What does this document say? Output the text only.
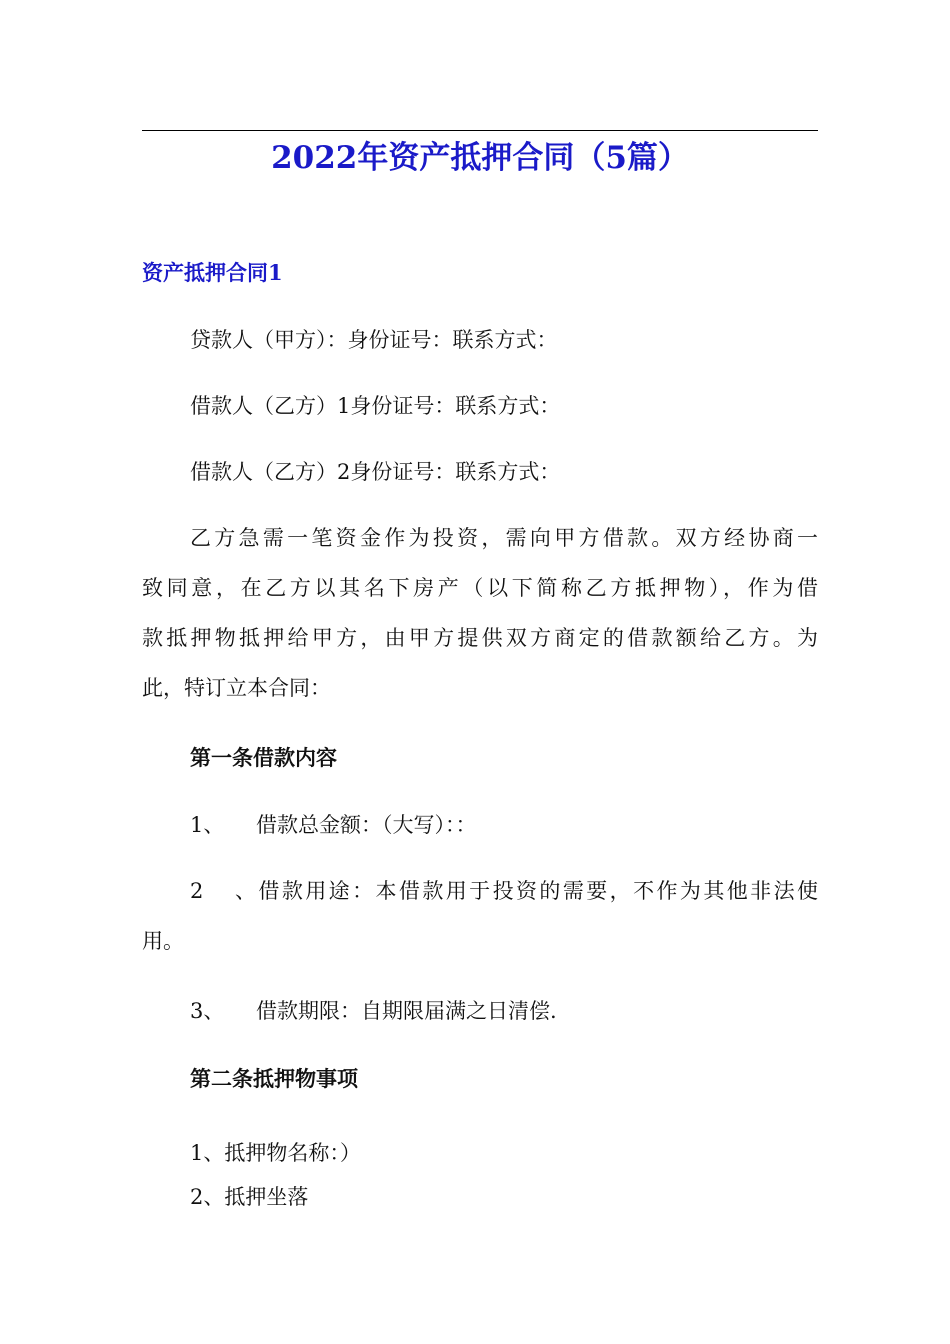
2022年资产抵押合同（5篇）
资产抵押合同1
贷款人（甲方）：身份证号：联系方式：
借款人（乙方）1身份证号：联系方式：
借款人（乙方）2身份证号：联系方式：
乙方急需一笔资金作为投资，需向甲方借款。双方经协商一
致同意，在乙方以其名下房产（以下简称乙方抵押物），作为借
款抵押物抵押给甲方，由甲方提供双方商定的借款额给乙方。为
此，特订立本合同：
第一条借款内容
1、 借款总金额：（大写）：：
2、借款用途：本借款用于投资的需要，不作为其他非法使
用。
3、 借款期限：自期限届满之日清偿.
第二条抵押物事项
1、抵押物名称：）
2、抵押坐落
